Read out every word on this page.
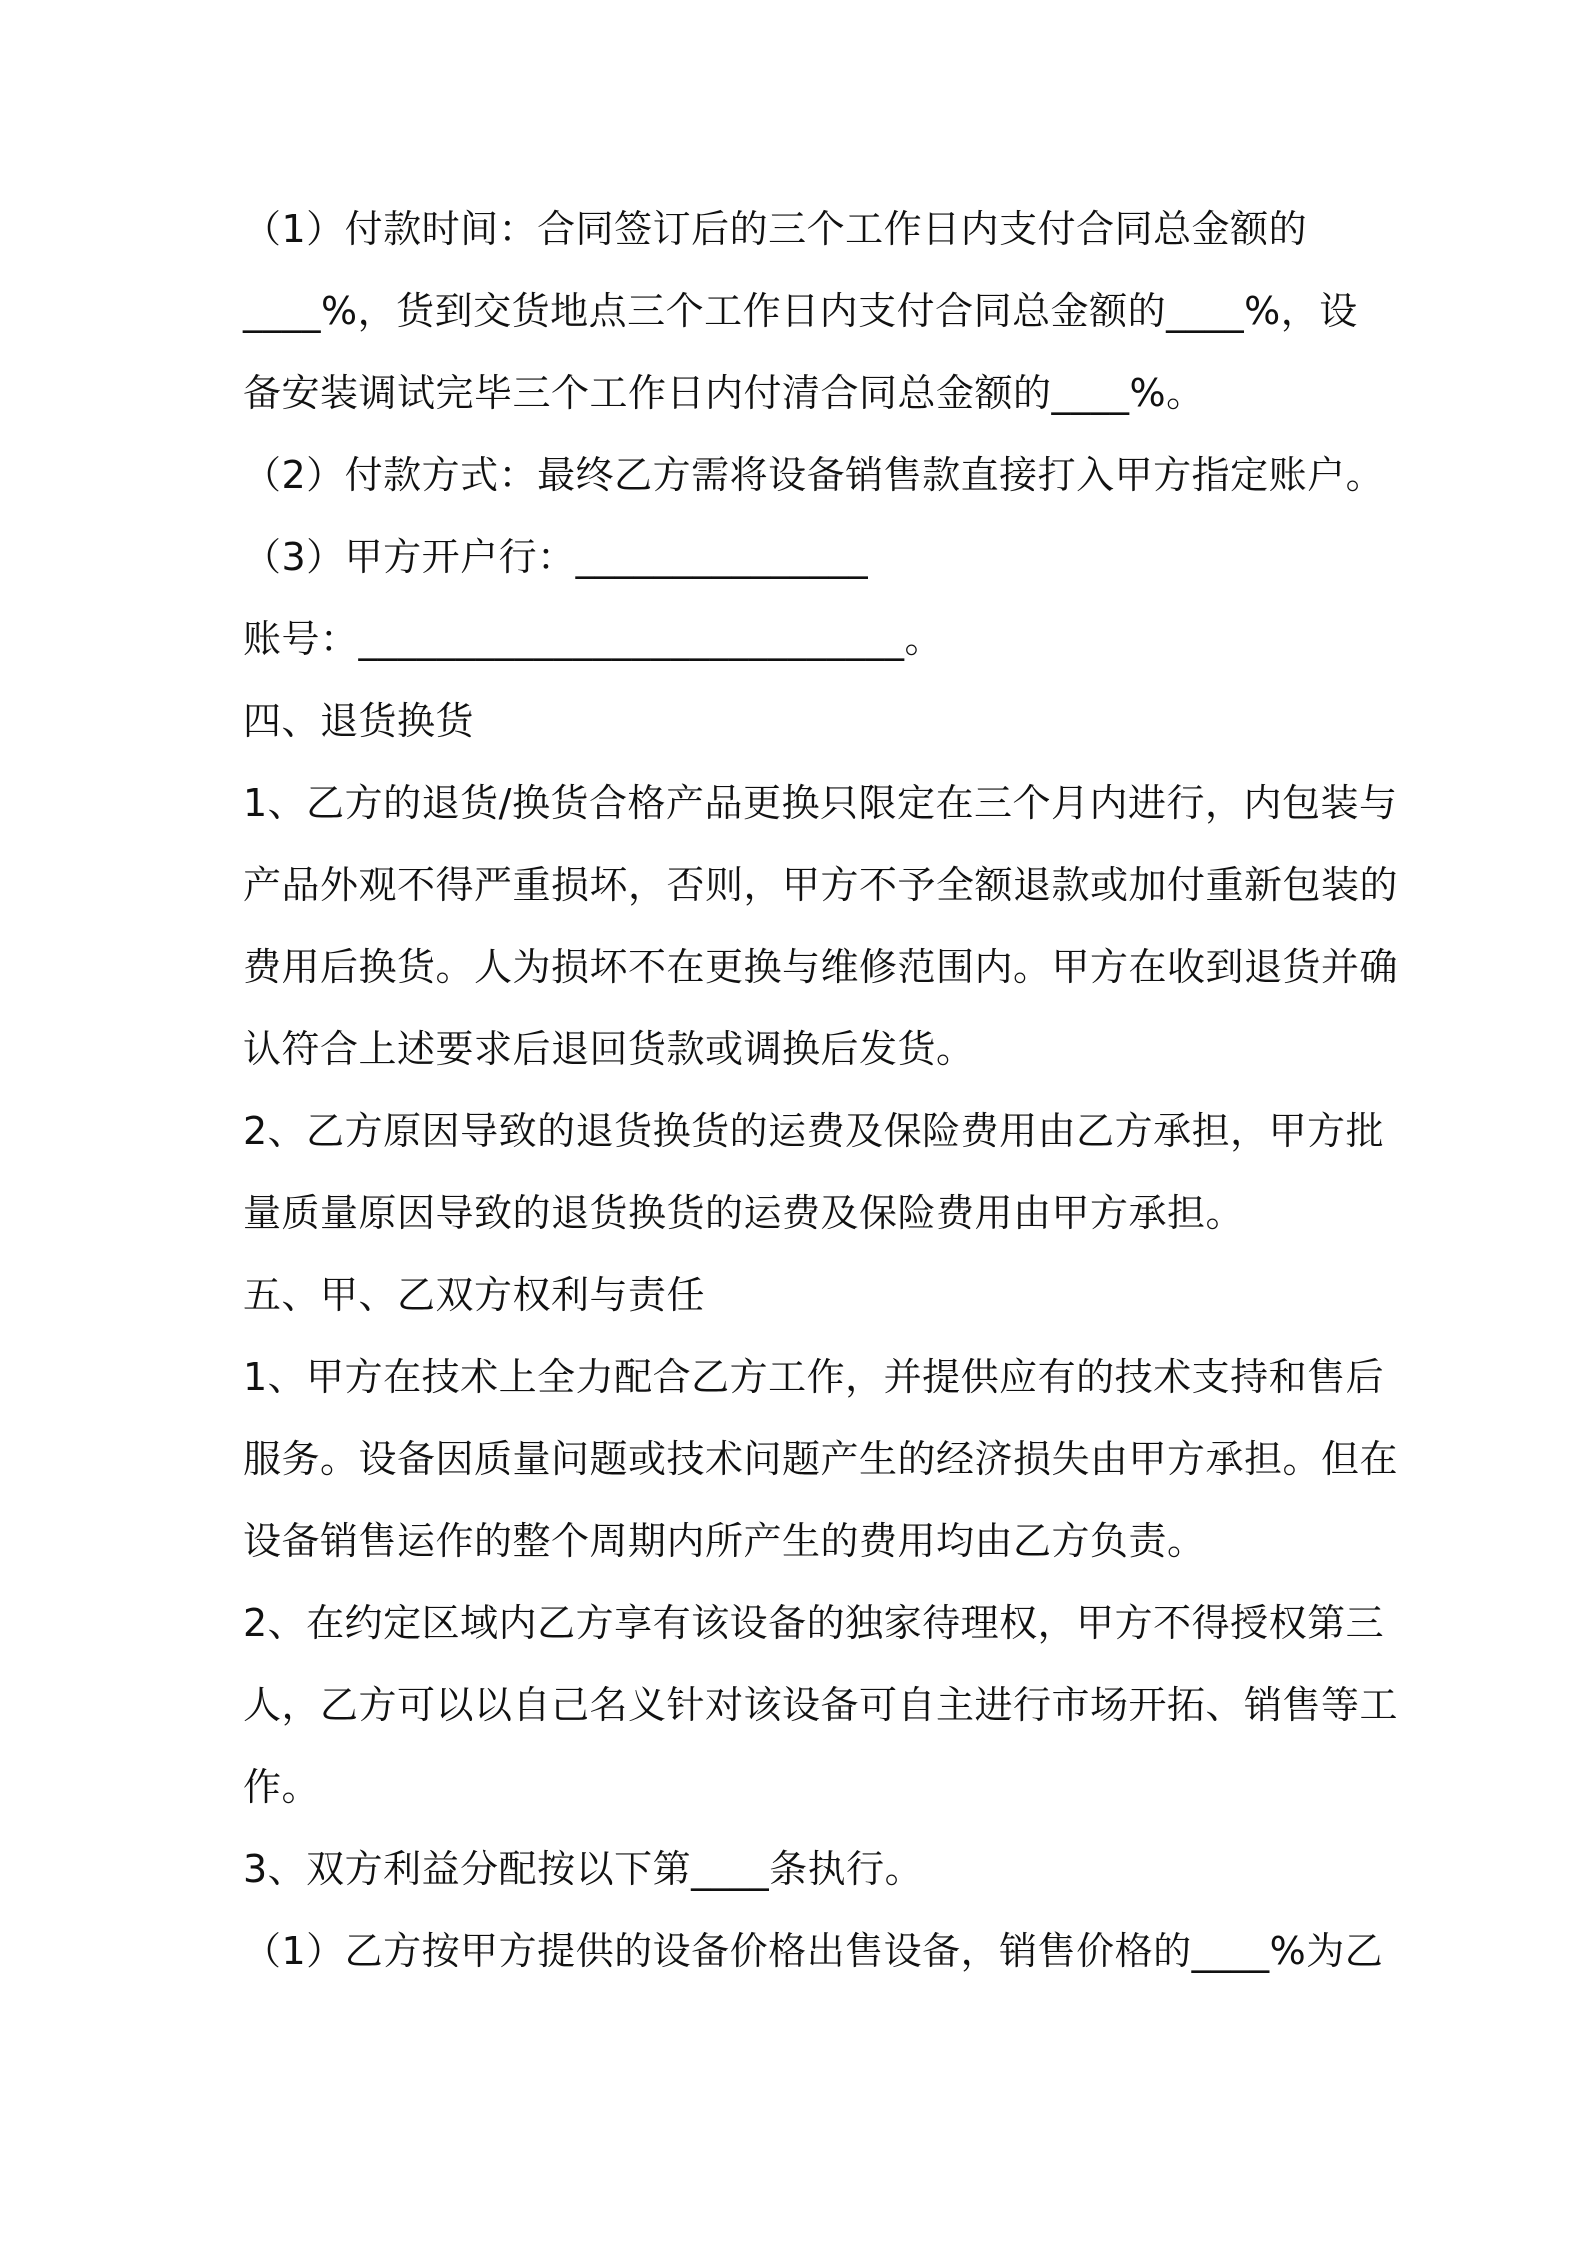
（1）付款时间：合同签订后的三个工作日内支付合同总金额的
____%，货到交货地点三个工作日内支付合同总金额的____%，设
备安装调试完毕三个工作日内付清合同总金额的____%。
（2）付款方式：最终乙方需将设备销售款直接打入甲方指定账户。
（3）甲方开户行：_______________
账号：____________________________。
四、退货换货
1、乙方的退货/换货合格产品更换只限定在三个月内进行，内包装与
产品外观不得严重损坏，否则，甲方不予全额退款或加付重新包装的
费用后换货。人为损坏不在更换与维修范围内。甲方在收到退货并确
认符合上述要求后退回货款或调换后发货。
2、乙方原因导致的退货换货的运费及保险费用由乙方承担，甲方批
量质量原因导致的退货换货的运费及保险费用由甲方承担。
五、甲、乙双方权利与责任
1、甲方在技术上全力配合乙方工作，并提供应有的技术支持和售后
服务。设备因质量问题或技术问题产生的经济损失由甲方承担。但在
设备销售运作的整个周期内所产生的费用均由乙方负责。
2、在约定区域内乙方享有该设备的独家待理权，甲方不得授权第三
人，乙方可以以自己名义针对该设备可自主进行市场开拓、销售等工
作。
3、双方利益分配按以下第____条执行。
（1）乙方按甲方提供的设备价格出售设备，销售价格的____%为乙
